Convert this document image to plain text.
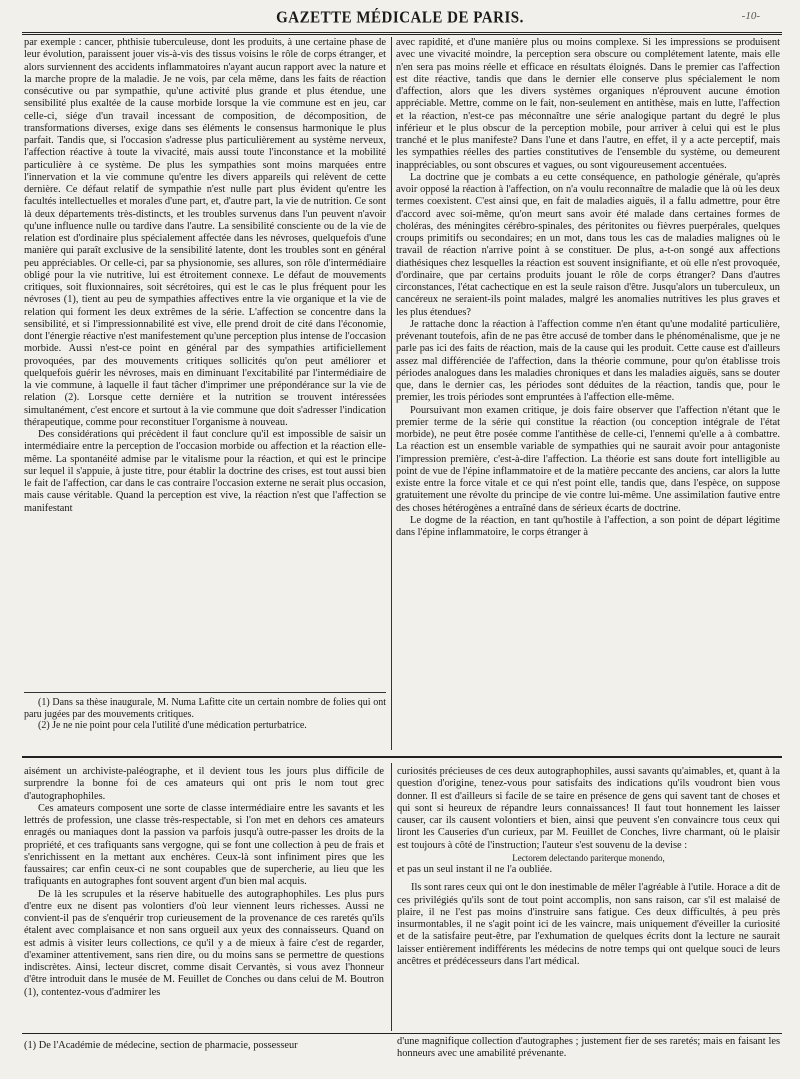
GAZETTE MÉDICALE DE PARIS.	-10-

par exemple : cancer, phthisie tuberculeuse, dont les produits, à une certaine phase de leur évolution, paraissent jouer vis-à-vis des tissus voisins le rôle de corps étranger, et alors surviennent des accidents inflammatoires n'ayant aucun rapport avec la nature et la marche propre de la maladie. Je ne vois, par cela même, dans les faits de réaction consécutive ou par sympathie, qu'une activité plus grande et plus étendue, une sensibilité plus exaltée de la cause morbide lorsque la vie commune est en jeu, car celle-ci, siége d'un travail incessant de composition, de décomposition, de transformations diverses, exige dans ses éléments le consensus harmonique le plus parfait. Tandis que, si l'occasion s'adresse plus particulièrement au système nerveux, l'affection réactive à toute la vivacité, mais aussi toute l'inconstance et la mobilité particulière à ce système. De plus les sympathies sont moins marquées entre l'innervation et la vie commune qu'entre les divers appareils qui relèvent de cette dernière. Ce défaut relatif de sympathie n'est nulle part plus évident qu'entre les facultés intellectuelles et morales d'une part, et, d'autre part, la vie de nutrition. Ce sont là deux départements très-distincts, et les troubles survenus dans l'un peuvent n'avoir qu'une influence nulle ou tardive dans l'autre. La sensibilité consciente ou de la vie de relation est d'ordinaire plus spécialement affectée dans les névroses, quelquefois d'une manière qui paraît exclusive de la sensibilité latente, dont les troubles sont en général peu appréciables. Or celle-ci, par sa physionomie, ses allures, son rôle d'intermédiaire obligé pour la vie nutritive, lui est étroitement connexe. Le défaut de mouvements critiques, soit fluxionnaires, soit sécrétoires, qui est le cas le plus fréquent pour les névroses (1), tient au peu de sympathies affectives entre la vie organique et la vie de relation qui forment les deux extrêmes de la série. L'affection se concentre dans la sensibilité, et si l'impressionnabilité est vive, elle prend droit de cité dans l'économie, dont l'énergie réactive n'est manifestement qu'une perception plus intense de l'occasion morbide. Aussi n'est-ce point en général par des sympathies artificiellement provoquées, par des mouvements critiques sollicités qu'on peut améliorer et quelquefois guérir les névroses, mais en diminuant l'excitabilité par l'intermédiaire de la vie commune, à laquelle il faut tâcher d'imprimer une prépondérance sur la vie de relation (2). Lorsque cette dernière et la nutrition se trouvent intéressées simultanément, c'est encore et surtout à la vie commune que doit s'adresser l'indication thérapeutique, comme pour reconstituer l'organisme à nouveau.

Des considérations qui précèdent il faut conclure qu'il est impossible de saisir un intermédiaire entre la perception de l'occasion morbide ou affection et la réaction elle-même. La spontanéité admise par le vitalisme pour la réaction, et qui est le principe sur lequel il s'appuie, à juste titre, pour établir la doctrine des crises, est tout aussi bien le fait de l'affection, car dans le cas contraire l'occasion externe ne serait plus occasion, mais cause véritable. Quand la perception est vive, la réaction n'est que l'affection se manifestant

(1) Dans sa thèse inaugurale, M. Numa Lafitte cite un certain nombre de folies qui ont paru jugées par des mouvements critiques.

(2) Je ne nie point pour cela l'utilité d'une médication perturbatrice.

avec rapidité, et d'une manière plus ou moins complexe. Si les impressions se produisent avec une vivacité moindre, la perception sera obscure ou complétement latente, mais elle n'en sera pas moins réelle et efficace en résultats éloignés. Dans le premier cas l'affection est dite réactive, tandis que dans le dernier elle conserve plus spécialement le nom d'affection, alors que les divers systèmes organiques n'éprouvent aucune émotion appréciable. Mettre, comme on le fait, non-seulement en antithèse, mais en lutte, l'affection et la réaction, n'est-ce pas méconnaître une série analogique partant du degré le plus inférieur et le plus obscur de la perception mobile, pour arriver à celui qui est le plus tranché et le plus manifeste? Dans l'une et dans l'autre, en effet, il y a acte perceptif, mais les sympathies réelles des parties constitutives de l'ensemble du système, ou demeurent inappréciables, ou sont obscures et vagues, ou sont vigoureusement accentuées.

La doctrine que je combats a eu cette conséquence, en pathologie générale, qu'après avoir opposé la réaction à l'affection, on n'a voulu reconnaître de maladie que là où les deux termes coexistent. C'est ainsi que, en fait de maladies aiguës, il a fallu admettre, pour être d'accord avec soi-même, qu'on meurt sans avoir été malade dans certaines formes de choléras, des méningites cérébro-spinales, des péritonites ou fièvres puerpérales, quelques croups primitifs ou secondaires; en un mot, dans tous les cas de maladies malignes où le travail de réaction n'arrive point à se constituer. De plus, a-t-on songé aux affections diathésiques chez lesquelles la réaction est souvent insignifiante, et où elle n'est provoquée, d'ordinaire, que par certains produits jouant le rôle de corps étranger? Dans d'autres circonstances, l'état cachectique en est la seule raison d'être. Jusqu'alors un tuberculeux, un cancéreux ne seraient-ils point malades, malgré les anomalies nutritives les plus graves et les plus étendues?

Je rattache donc la réaction à l'affection comme n'en étant qu'une modalité particulière, prévenant toutefois, afin de ne pas être accusé de tomber dans le phénoménalisme, que je ne parle pas ici des faits de réaction, mais de la cause qui les produit. Cette cause est d'ailleurs assez mal différenciée de l'affection, dans la théorie commune, pour qu'on établisse trois périodes analogues dans les maladies chroniques et dans les maladies aiguës, sans se douter que, dans le dernier cas, les périodes sont déduites de la réaction, tandis que, pour le premier, les trois périodes sont empruntées à l'affection elle-même.

Poursuivant mon examen critique, je dois faire observer que l'affection n'étant que le premier terme de la série qui constitue la réaction (ou conception intégrale de l'état morbide), ne peut être posée comme l'antithèse de celle-ci, l'ennemi qu'elle a à combattre. La réaction est un ensemble variable de sympathies qui ne saurait avoir pour antagoniste l'impression première, c'est-à-dire l'affection. La théorie est sans doute fort intelligible au point de vue de l'épine inflammatoire et de la matière peccante des anciens, car alors la lutte existe entre la force vitale et ce qui n'est point elle, tandis que, dans l'espèce, on suppose gratuitement une révolte du principe de vie contre lui-même. Une assimilation fautive entre des choses hétérogènes a entraîné dans de sérieux écarts de doctrine.

Le dogme de la réaction, en tant qu'hostile à l'affection, a son point de départ légitime dans l'épine inflammatoire, le corps étranger à

aisément un archiviste-paléographe, et il devient tous les jours plus difficile de surprendre la bonne foi de ces amateurs qui ont pris le nom tout grec d'autographophiles.

Ces amateurs composent une sorte de classe intermédiaire entre les savants et les lettrés de profession, une classe très-respectable, si l'on met en dehors ces amateurs enragés ou maniaques dont la passion va parfois jusqu'à outre-passer les droits de la propriété, et ces trafiquants sans vergogne, qui se font une collection à peu de frais et s'enrichissent en la mettant aux enchères. Ceux-là sont infiniment pires que les faussaires; car enfin ceux-ci ne sont coupables que de supercherie, au lieu que les trafiquants en autographes font souvent argent d'un bien mal acquis.

De là les scrupules et la réserve habituelle des autographophiles. Les plus purs d'entre eux ne disent pas volontiers d'où leur viennent leurs richesses. Aussi ne convient-il pas de s'enquérir trop curieusement de la provenance de ces raretés qu'ils étalent avec complaisance et non sans orgueil aux yeux des connaisseurs. Quand on est admis à visiter leurs collections, ce qu'il y a de mieux à faire c'est de regarder, d'examiner attentivement, sans rien dire, ou du moins sans se permettre de questions indiscrètes. Ainsi, lecteur discret, comme disait Cervantès, si vous avez l'honneur d'être introduit dans le musée de M. Feuillet de Conches ou dans celui de M. Boutron (1), contentez-vous d'admirer les

curiosités précieuses de ces deux autographophiles, aussi savants qu'aimables, et, quant à la question d'origine, tenez-vous pour satisfaits des indications qu'ils voudront bien vous donner. Il est d'ailleurs si facile de se taire en présence de gens qui savent tant de choses et qui sont si heureux de répandre leurs connaissances! Il faut tout honnement les laisser causer, car ils causent volontiers et bien, ainsi que peuvent s'en convaincre tous ceux qui liront les Causeries d'un curieux, par M. Feuillet de Conches, livre charmant, où le plaisir est toujours à côté de l'instruction; l'auteur s'est souvenu de la devise :

Lectorem delectando pariterque monendo,

et pas un seul instant il ne l'a oubliée.

Ils sont rares ceux qui ont le don inestimable de mêler l'agréable à l'utile. Horace a dit de ces privilégiés qu'ils sont de tout point accomplis, non sans raison, car s'il est malaisé de plaire, il ne l'est pas moins d'instruire sans fatigue. Ces deux difficultés, à peu près insurmontables, il ne s'agit point ici de les vaincre, mais uniquement d'éveiller la curiosité et de la satisfaire peut-être, par l'exhumation de quelques écrits dont la lecture ne saurait laisser entièrement indifférents les médecins de notre temps qui ont quelque souci de leurs ancêtres et prédécesseurs dans l'art médical.

(1) De l'Académie de médecine, section de pharmacie, possesseur	d'une magnifique collection d'autographes ; justement fier de ses raretés; mais en faisant les honneurs avec une amabilité prévenante.
